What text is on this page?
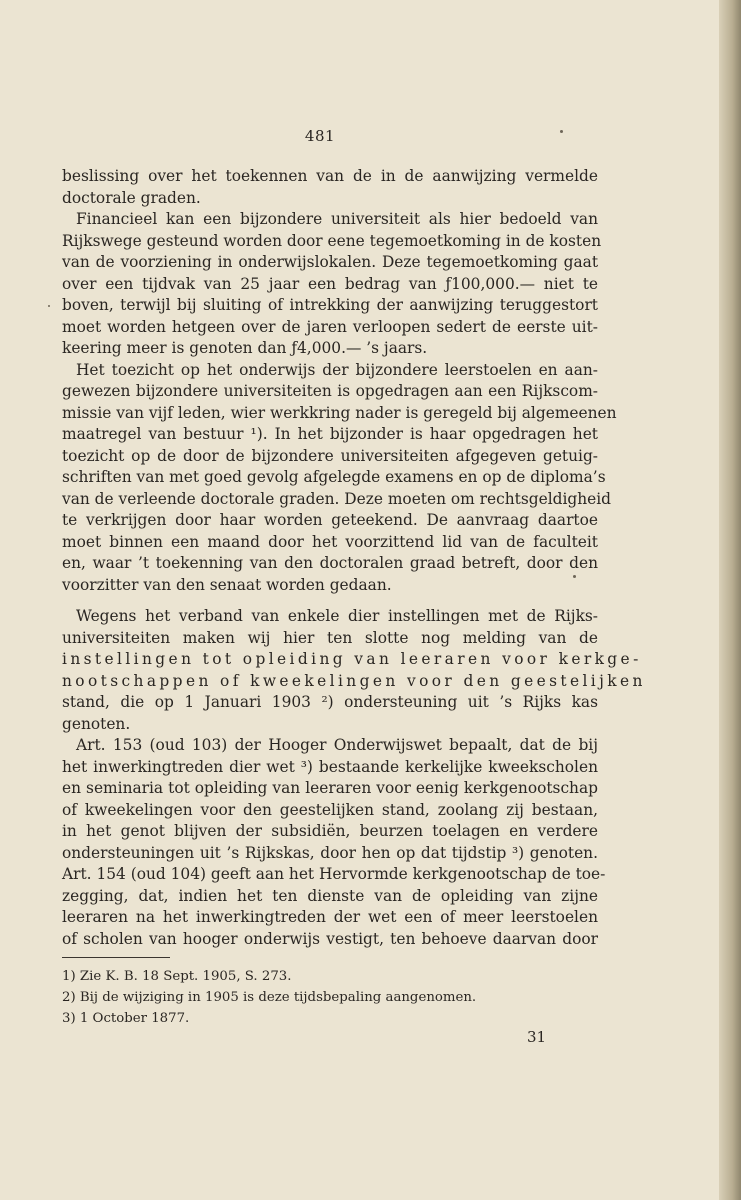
481
beslissing over het toekennen van de in de aanwijzing vermelde
doctorale graden.
Financieel kan een bijzondere universiteit als hier bedoeld van
Rijkswege gesteund worden door eene tegemoetkoming in de kosten
van de voorziening in onderwijslokalen. Deze tegemoetkoming gaat
over een tijdvak van 25 jaar een bedrag van ƒ100,000.— niet te
boven, terwijl bij sluiting of intrekking der aanwijzing teruggestort
moet worden hetgeen over de jaren verloopen sedert de eerste uit-
keering meer is genoten dan ƒ4,000.— ’s jaars.
Het toezicht op het onderwijs der bijzondere leerstoelen en aan-
gewezen bijzondere universiteiten is opgedragen aan een Rijkscom-
missie van vijf leden, wier werkkring nader is geregeld bij algemeenen
maatregel van bestuur ¹). In het bijzonder is haar opgedragen het
toezicht op de door de bijzondere universiteiten afgegeven getuig-
schriften van met goed gevolg afgelegde examens en op de diploma’s
van de verleende doctorale graden. Deze moeten om rechtsgeldigheid
te verkrijgen door haar worden geteekend. De aanvraag daartoe
moet binnen een maand door het voorzittend lid van de faculteit
en, waar ’t toekenning van den doctoralen graad betreft, door den
voorzitter van den senaat worden gedaan.
Wegens het verband van enkele dier instellingen met de Rijks-
universiteiten maken wij hier ten slotte nog melding van de
instellingen tot opleiding van leeraren voor kerkge-
nootschappen of kweekelingen voor den geestelijken
stand, die op 1 Januari 1903 ²) ondersteuning uit ’s Rijks kas
genoten.
Art. 153 (oud 103) der Hooger Onderwijswet bepaalt, dat de bij
het inwerkingtreden dier wet ³) bestaande kerkelijke kweekscholen
en seminaria tot opleiding van leeraren voor eenig kerkgenootschap
of kweekelingen voor den geestelijken stand, zoolang zij bestaan,
in het genot blijven der subsidiën, beurzen toelagen en verdere
ondersteuningen uit ’s Rijkskas, door hen op dat tijdstip ³) genoten.
Art. 154 (oud 104) geeft aan het Hervormde kerkgenootschap de toe-
zegging, dat, indien het ten dienste van de opleiding van zijne
leeraren na het inwerkingtreden der wet een of meer leerstoelen
of scholen van hooger onderwijs vestigt, ten behoeve daarvan door
1) Zie K. B. 18 Sept. 1905, S. 273.
2) Bij de wijziging in 1905 is deze tijdsbepaling aangenomen.
3) 1 October 1877.
31
